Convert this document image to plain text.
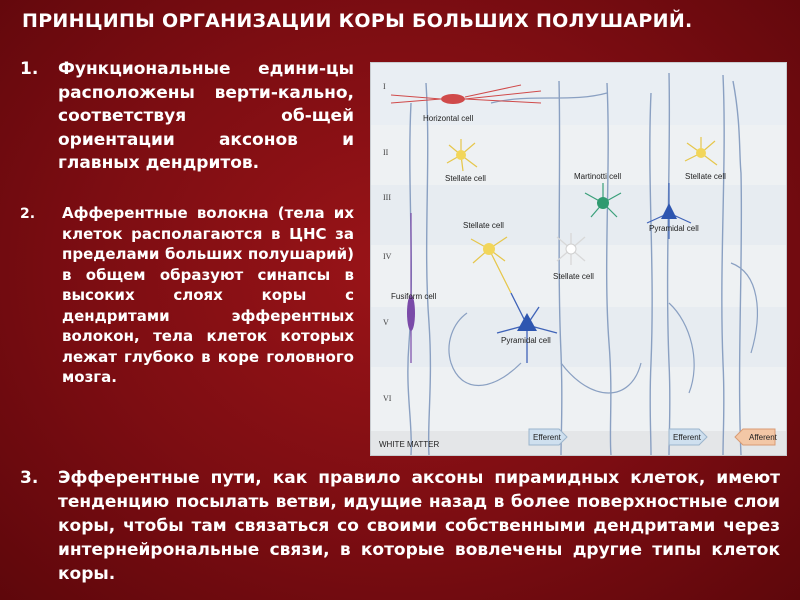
ПРИНЦИПЫ ОРГАНИЗАЦИИ КОРЫ БОЛЬШИХ ПОЛУШАРИЙ.
1. Функциональные едини-цы расположены верти-кально, соответствуя об-щей ориентации аксонов и главных дендритов.
2. Афферентные волокна (тела их клеток располагаются в ЦНС за пределами больших полушарий) в общем образуют синапсы в высоких слоях коры с дендритами эфферентных волокон, тела клеток которых лежат глубоко в коре головного мозга.
3. Эфферентные пути, как правило аксоны пирамидных клеток, имеют тенденцию посылать ветви, идущие назад в более поверхностные слои коры, чтобы там связаться со своими собственными дендритами через интернейрональные связи, в которые вовлечены другие типы клеток коры.
I
II
III
IV
V
VI
Horizontal cell
Stellate cell	Martinotti cell	Stellate cell
Stellate cell	Pyramidal cell
Stellate cell
Fusiform cell
Pyramidal cell
WHITE MATTER
Efferent	Efferent	Afferent
